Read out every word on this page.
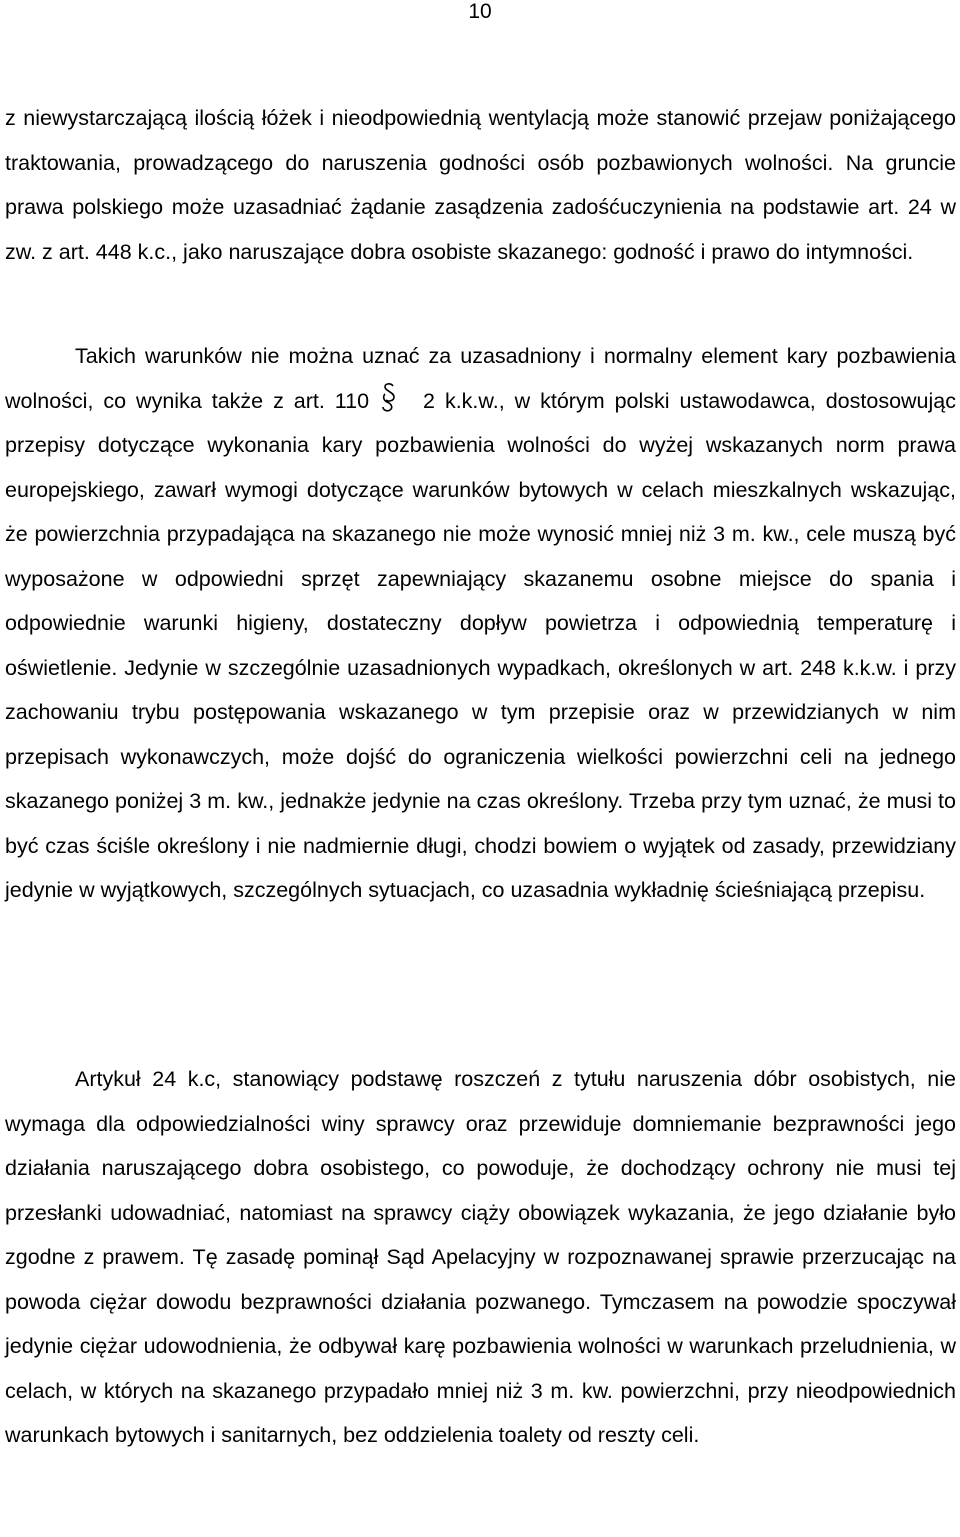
10
z niewystarczającą ilością łóżek i nieodpowiednią wentylacją może stanowić przejaw poniżającego traktowania, prowadzącego do naruszenia godności osób pozbawionych wolności. Na gruncie prawa polskiego może uzasadniać żądanie zasądzenia zadośćuczynienia na podstawie art. 24 w zw. z art. 448 k.c., jako naruszające dobra osobiste skazanego: godność i prawo do intymności.
Takich warunków nie można uznać za uzasadniony i normalny element kary pozbawienia wolności, co wynika także z art. 110	2 k.k.w., w którym polski ustawodawca, dostosowując przepisy dotyczące wykonania kary pozbawienia wolności do wyżej wskazanych norm prawa europejskiego, zawarł wymogi dotyczące warunków bytowych w celach mieszkalnych wskazując, że powierzchnia przypadająca na skazanego nie może wynosić mniej niż 3 m. kw., cele muszą być wyposażone w odpowiedni sprzęt zapewniający skazanemu osobne miejsce do spania i odpowiednie warunki higieny, dostateczny dopływ powietrza i odpowiednią temperaturę i oświetlenie. Jedynie w szczególnie uzasadnionych wypadkach, określonych w art. 248 k.k.w. i przy zachowaniu trybu postępowania wskazanego w tym przepisie oraz w przewidzianych w nim przepisach wykonawczych, może dojść do ograniczenia wielkości powierzchni celi na jednego skazanego poniżej 3 m. kw., jednakże jedynie na czas określony. Trzeba przy tym uznać, że musi to być czas ściśle określony i nie nadmiernie długi, chodzi bowiem o wyjątek od zasady, przewidziany jedynie w wyjątkowych, szczególnych sytuacjach, co uzasadnia wykładnię ścieśniającą przepisu.
Artykuł 24 k.c, stanowiący podstawę roszczeń z tytułu naruszenia dóbr osobistych, nie wymaga dla odpowiedzialności winy sprawcy oraz przewiduje domniemanie bezprawności jego działania naruszającego dobra osobistego, co powoduje, że dochodzący ochrony nie musi tej przesłanki udowadniać, natomiast na sprawcy ciąży obowiązek wykazania, że jego działanie było zgodne z prawem. Tę zasadę pominął Sąd Apelacyjny w rozpoznawanej sprawie przerzucając na powoda ciężar dowodu bezprawności działania pozwanego. Tymczasem na powodzie spoczywał jedynie ciężar udowodnienia, że odbywał karę pozbawienia wolności w warunkach przeludnienia, w celach, w których na skazanego przypadało mniej niż 3 m. kw. powierzchni, przy nieodpowiednich warunkach bytowych i sanitarnych, bez oddzielenia toalety od reszty celi.
